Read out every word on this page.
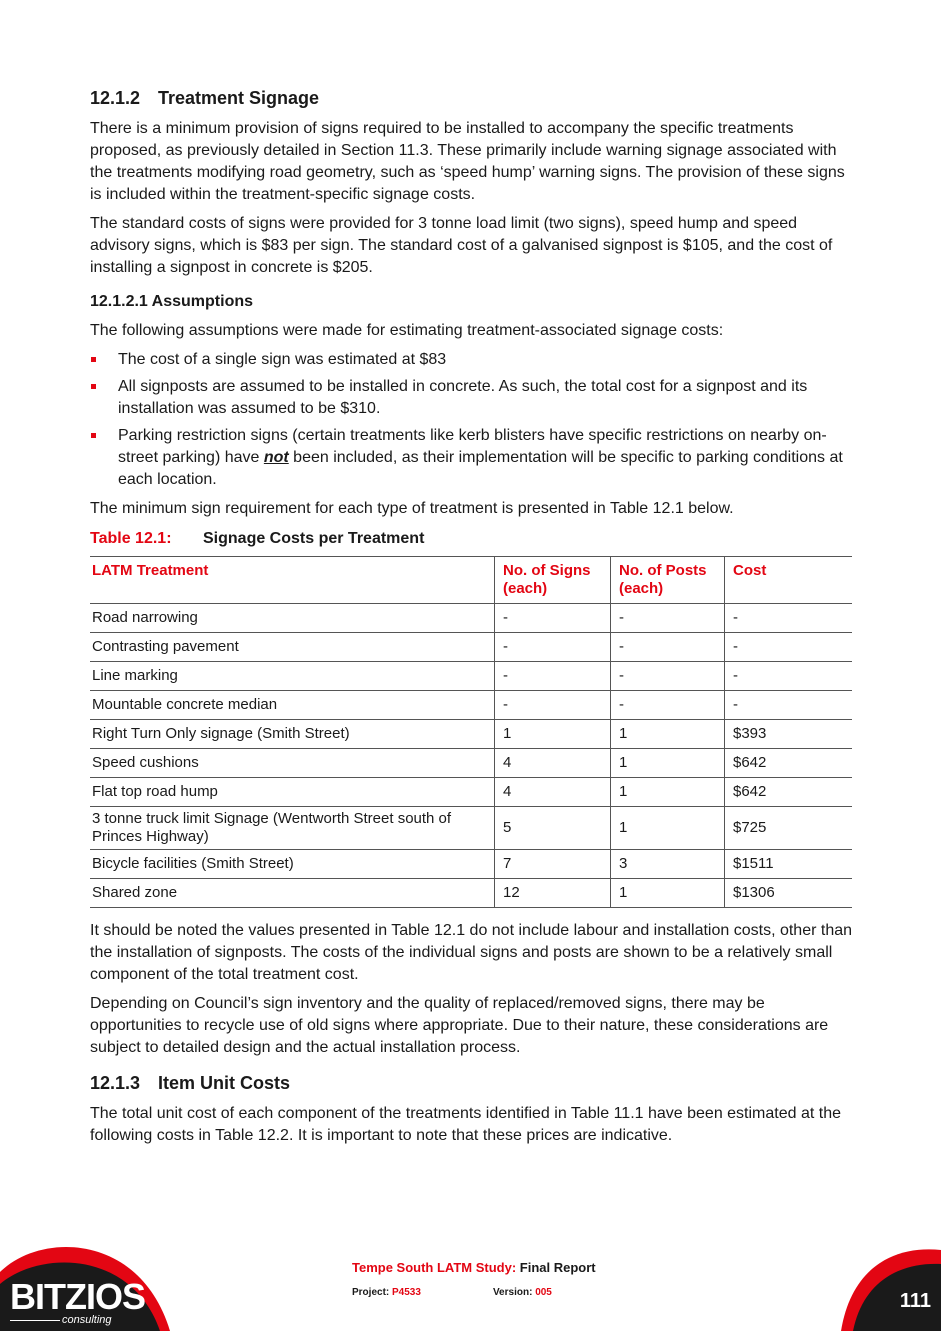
12.1.2 Treatment Signage

There is a minimum provision of signs required to be installed to accompany the specific treatments proposed, as previously detailed in Section 11.3. These primarily include warning signage associated with the treatments modifying road geometry, such as ‘speed hump’ warning signs. The provision of these signs is included within the treatment-specific signage costs.

The standard costs of signs were provided for 3 tonne load limit (two signs), speed hump and speed advisory signs, which is $83 per sign. The standard cost of a galvanised signpost is $105, and the cost of installing a signpost in concrete is $205.

12.1.2.1 Assumptions

The following assumptions were made for estimating treatment-associated signage costs:

The cost of a single sign was estimated at $83
All signposts are assumed to be installed in concrete. As such, the total cost for a signpost and its installation was assumed to be $310.
Parking restriction signs (certain treatments like kerb blisters have specific restrictions on nearby on-street parking) have not been included, as their implementation will be specific to parking conditions at each location.

The minimum sign requirement for each type of treatment is presented in Table 12.1 below.

Table 12.1: Signage Costs per Treatment
LATM Treatment	No. of Signs (each)	No. of Posts (each)	Cost
Road narrowing	-	-	-
Contrasting pavement	-	-	-
Line marking	-	-	-
Mountable concrete median	-	-	-
Right Turn Only signage (Smith Street)	1	1	$393
Speed cushions	4	1	$642
Flat top road hump	4	1	$642
3 tonne truck limit Signage (Wentworth Street south of Princes Highway)	5	1	$725
Bicycle facilities (Smith Street)	7	3	$1511
Shared zone	12	1	$1306

It should be noted the values presented in Table 12.1 do not include labour and installation costs, other than the installation of signposts. The costs of the individual signs and posts are shown to be a relatively small component of the total treatment cost.

Depending on Council’s sign inventory and the quality of replaced/removed signs, there may be opportunities to recycle use of old signs where appropriate. Due to their nature, these considerations are subject to detailed design and the actual installation process.

12.1.3 Item Unit Costs

The total unit cost of each component of the treatments identified in Table 11.1 have been estimated at the following costs in Table 12.2. It is important to note that these prices are indicative.

BITZIOS
consulting
Tempe South LATM Study: Final Report
Project: P4533	Version: 005	111
